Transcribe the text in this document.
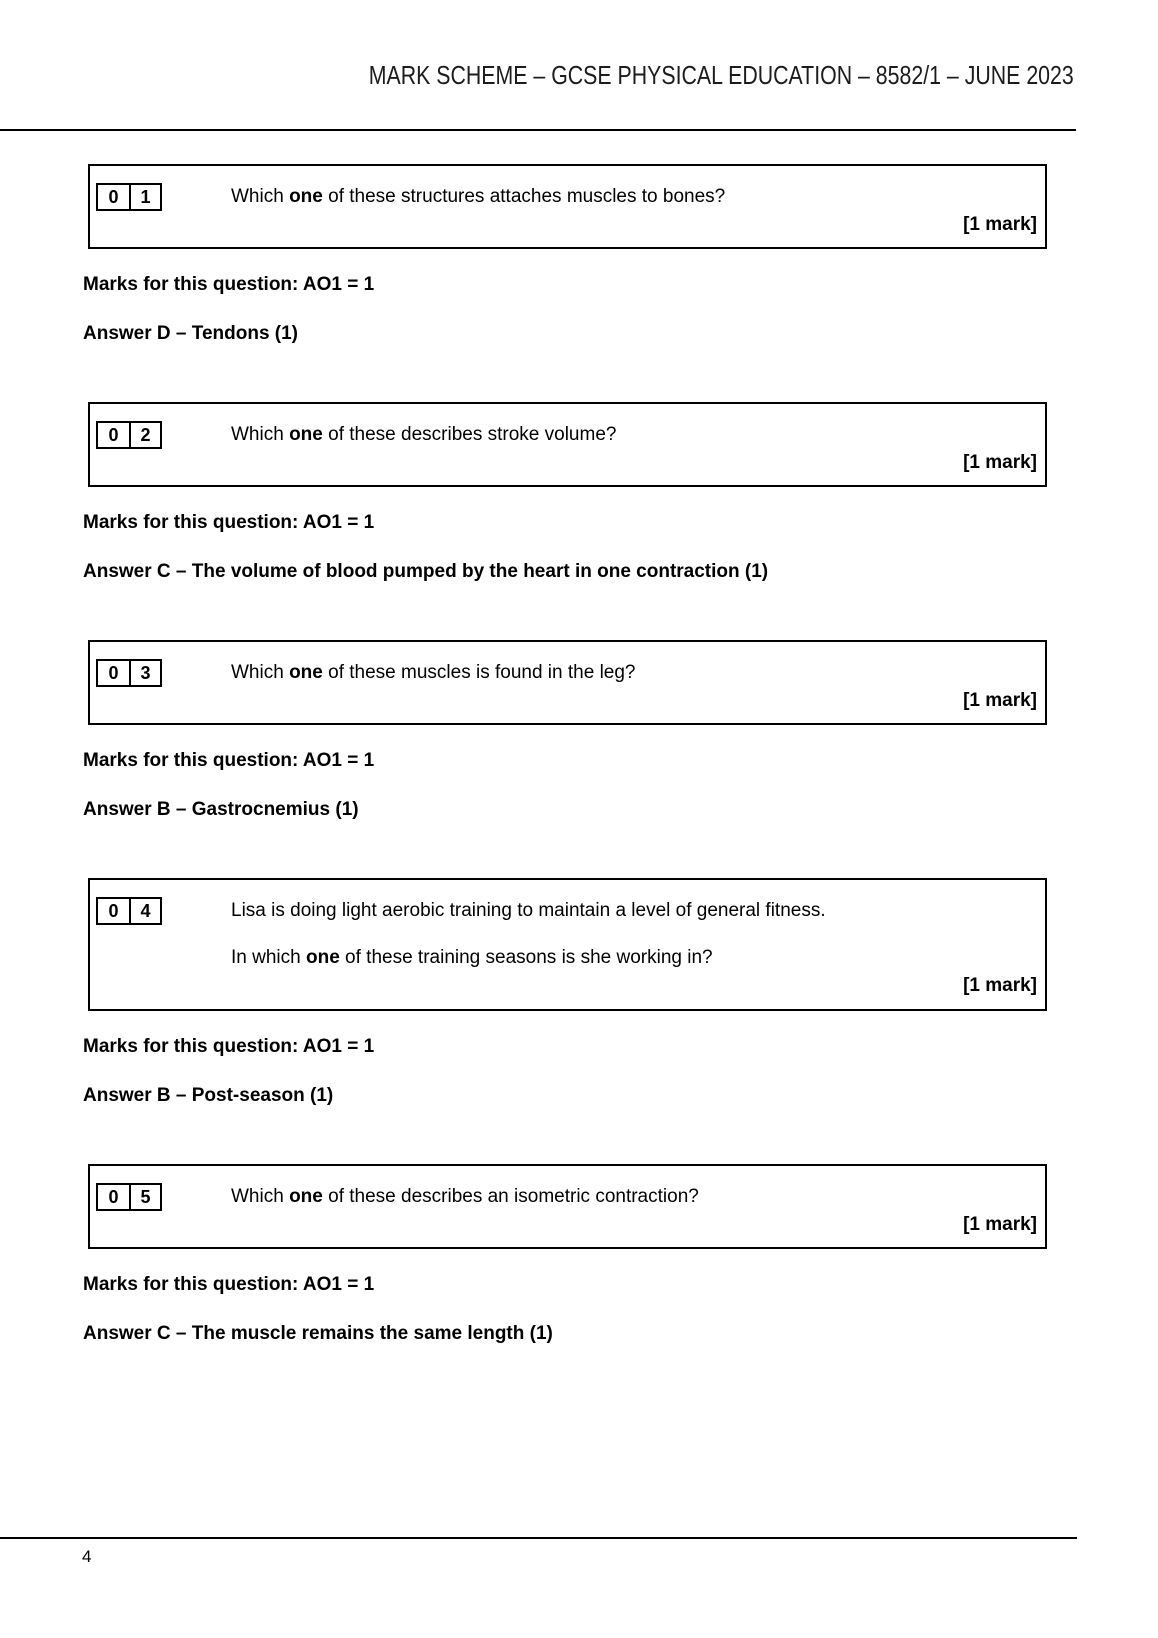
MARK SCHEME – GCSE PHYSICAL EDUCATION – 8582/1 – JUNE 2023
0	1	Which one of these structures attaches muscles to bones?

[1 mark]

Marks for this question: AO1 = 1

Answer D – Tendons (1)

0	2	Which one of these describes stroke volume?

[1 mark]

Marks for this question: AO1 = 1

Answer C – The volume of blood pumped by the heart in one contraction (1)

0	3	Which one of these muscles is found in the leg?

[1 mark]

Marks for this question: AO1 = 1

Answer B – Gastrocnemius (1)

0	4	Lisa is doing light aerobic training to maintain a level of general fitness.

In which one of these training seasons is she working in?

[1 mark]

Marks for this question: AO1 = 1

Answer B – Post-season (1)

0	5	Which one of these describes an isometric contraction?

[1 mark]

Marks for this question: AO1 = 1

Answer C – The muscle remains the same length (1)

4
